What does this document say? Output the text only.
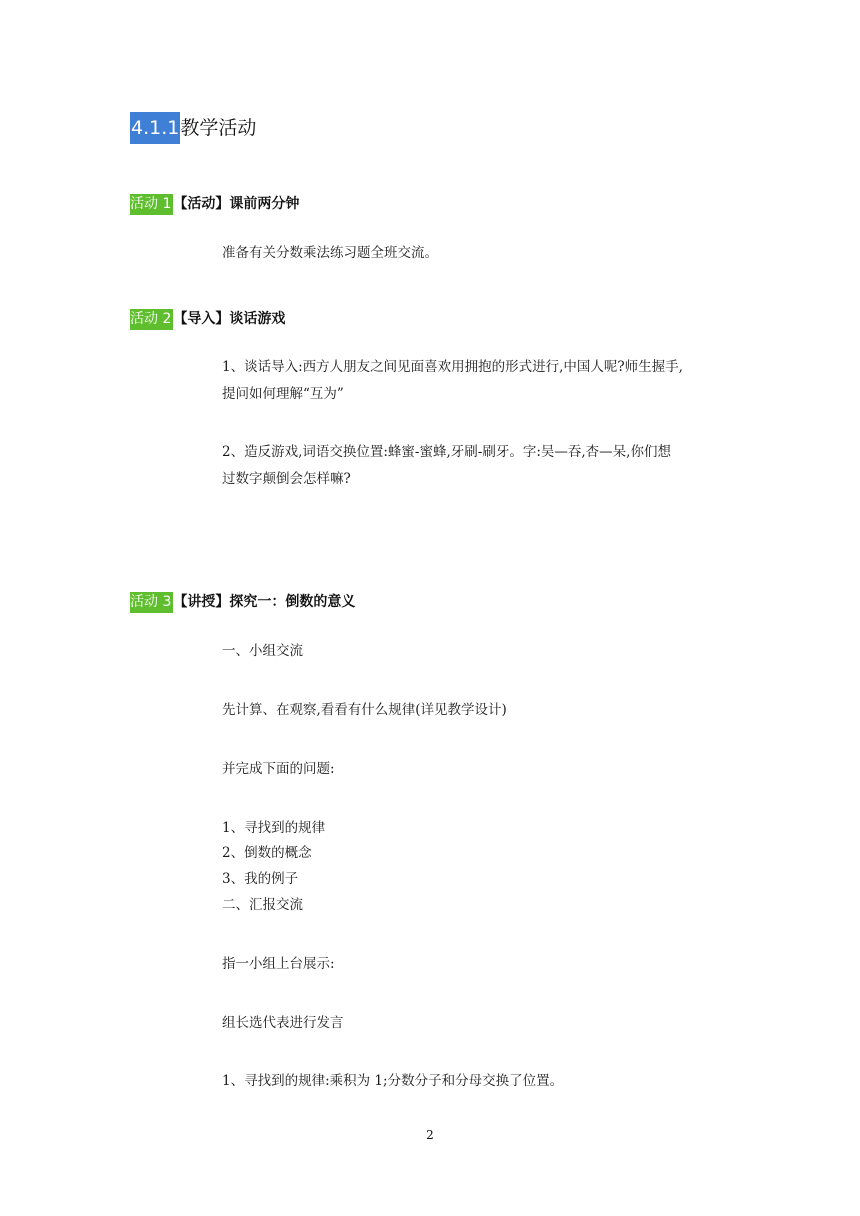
4.1.1教学活动
活动 1 【活动】课前两分钟
准备有关分数乘法练习题全班交流。
活动 2 【导入】谈话游戏
1、谈话导入:西方人朋友之间见面喜欢用拥抱的形式进行,中国人呢?师生握手,
提问如何理解“互为”
2、造反游戏,词语交换位置:蜂蜜-蜜蜂,牙刷-刷牙。字:吴—吞,杏—呆,你们想
过数字颠倒会怎样嘛?
活动 3 【讲授】探究一：倒数的意义
一、小组交流
先计算、在观察,看看有什么规律(详见教学设计)
并完成下面的问题:
1、寻找到的规律
2、倒数的概念
3、我的例子
二、汇报交流
指一小组上台展示:
组长选代表进行发言
1、寻找到的规律:乘积为 1;分数分子和分母交换了位置。
2
